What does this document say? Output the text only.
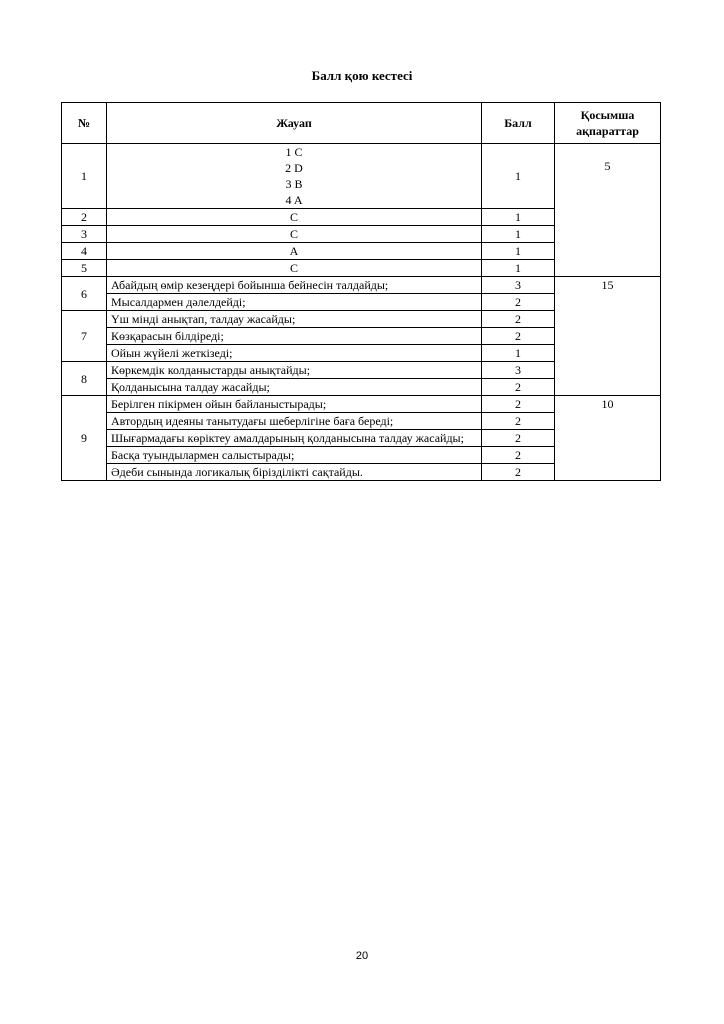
Балл қою кестесі
№	Жауап	Балл	Қосымша ақпараттар
1	1 C
2 D
3 B
4 A	1	5
2	C	1	
3	C	1	
4	A	1	
5	C	1	
6	Абайдың өмір кезеңдері бойынша бейнесін талдайды;	3	15
	Мысалдармен дәлелдейді;	2	
7	Үш мінді анықтап, талдау жасайды;	2	
	Көзқарасын білдіреді;	2	
	Ойын жүйелі жеткізеді;	1	
8	Көркемдік колданыстарды анықтайды;	3	
	Қолданысына талдау жасайды;	2	
9	Берілген пікірмен ойын байланыстырады;	2	10
	Автордың идеяны танытудағы шеберлігіне баға береді;	2	
	Шығармадағы көріктеу амалдарының қолданысына талдау жасайды;	2	
	Басқа туындылармен салыстырады;	2	
	Әдеби сынында логикалық бірізділікті сақтайды.	2	
20
